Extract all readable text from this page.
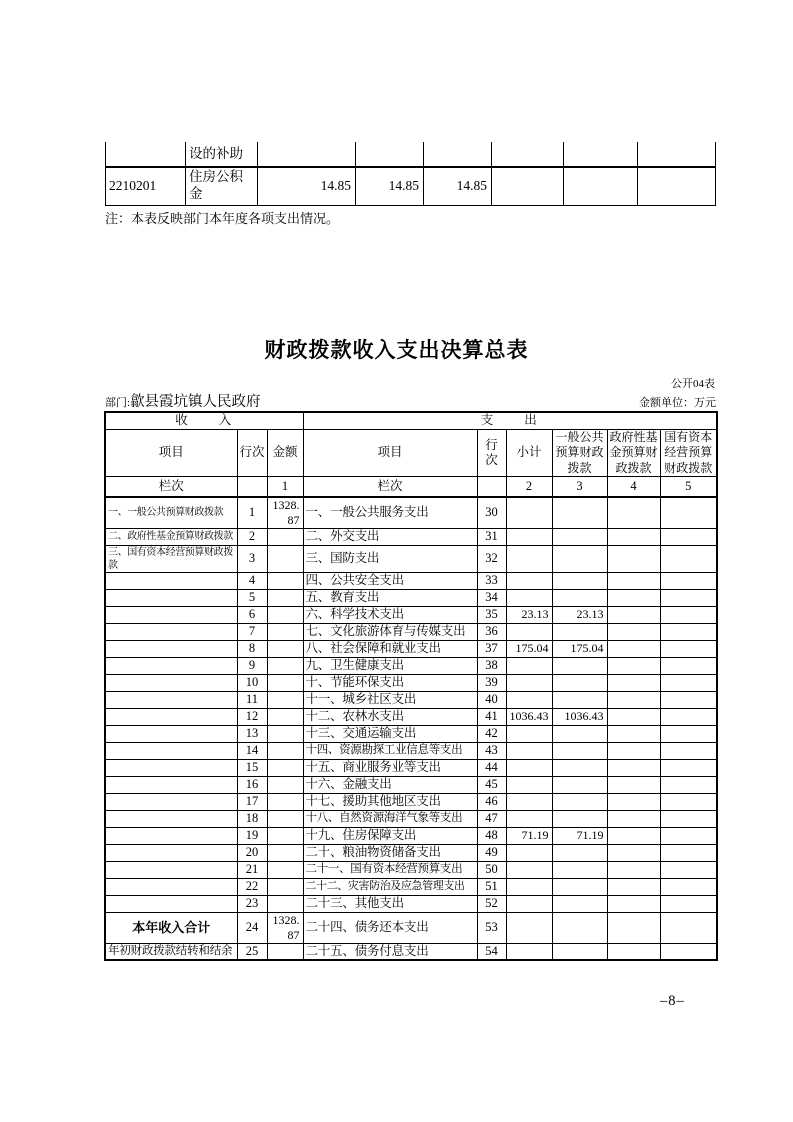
	设的补助						
2210201	住房公积金	14.85	14.85	14.85			
注：本表反映部门本年度各项支出情况。
财政拨款收入支出决算总表
公开04表
部门:歙县霞坑镇人民政府	金额单位：万元
收　　入			支　　出					
项目	行次	金额	项目	行次	小计	一般公共预算财政拨款	政府性基金预算财政拨款	国有资本经营预算财政拨款
栏次		1	栏次		2	3	4	5
一、一般公共预算财政拨款	1	1328.87	一、一般公共服务支出	30				
二、政府性基金预算财政拨款	2		二、外交支出	31				
三、国有资本经营预算财政拨款	3		三、国防支出	32				
	4		四、公共安全支出	33				
	5		五、教育支出	34				
	6		六、科学技术支出	35	23.13	23.13		
	7		七、文化旅游体育与传媒支出	36				
	8		八、社会保障和就业支出	37	175.04	175.04		
	9		九、卫生健康支出	38				
	10		十、节能环保支出	39				
	11		十一、城乡社区支出	40				
	12		十二、农林水支出	41	1036.43	1036.43		
	13		十三、交通运输支出	42				
	14		十四、资源勘探工业信息等支出	43				
	15		十五、商业服务业等支出	44				
	16		十六、金融支出	45				
	17		十七、援助其他地区支出	46				
	18		十八、自然资源海洋气象等支出	47				
	19		十九、住房保障支出	48	71.19	71.19		
	20		二十、粮油物资储备支出	49				
	21		二十一、国有资本经营预算支出	50				
	22		二十二、灾害防治及应急管理支出	51				
	23		二十三、其他支出	52				
本年收入合计	24	1328.87	二十四、债务还本支出	53				
年初财政拨款结转和结余	25		二十五、债务付息支出	54				
–8–
